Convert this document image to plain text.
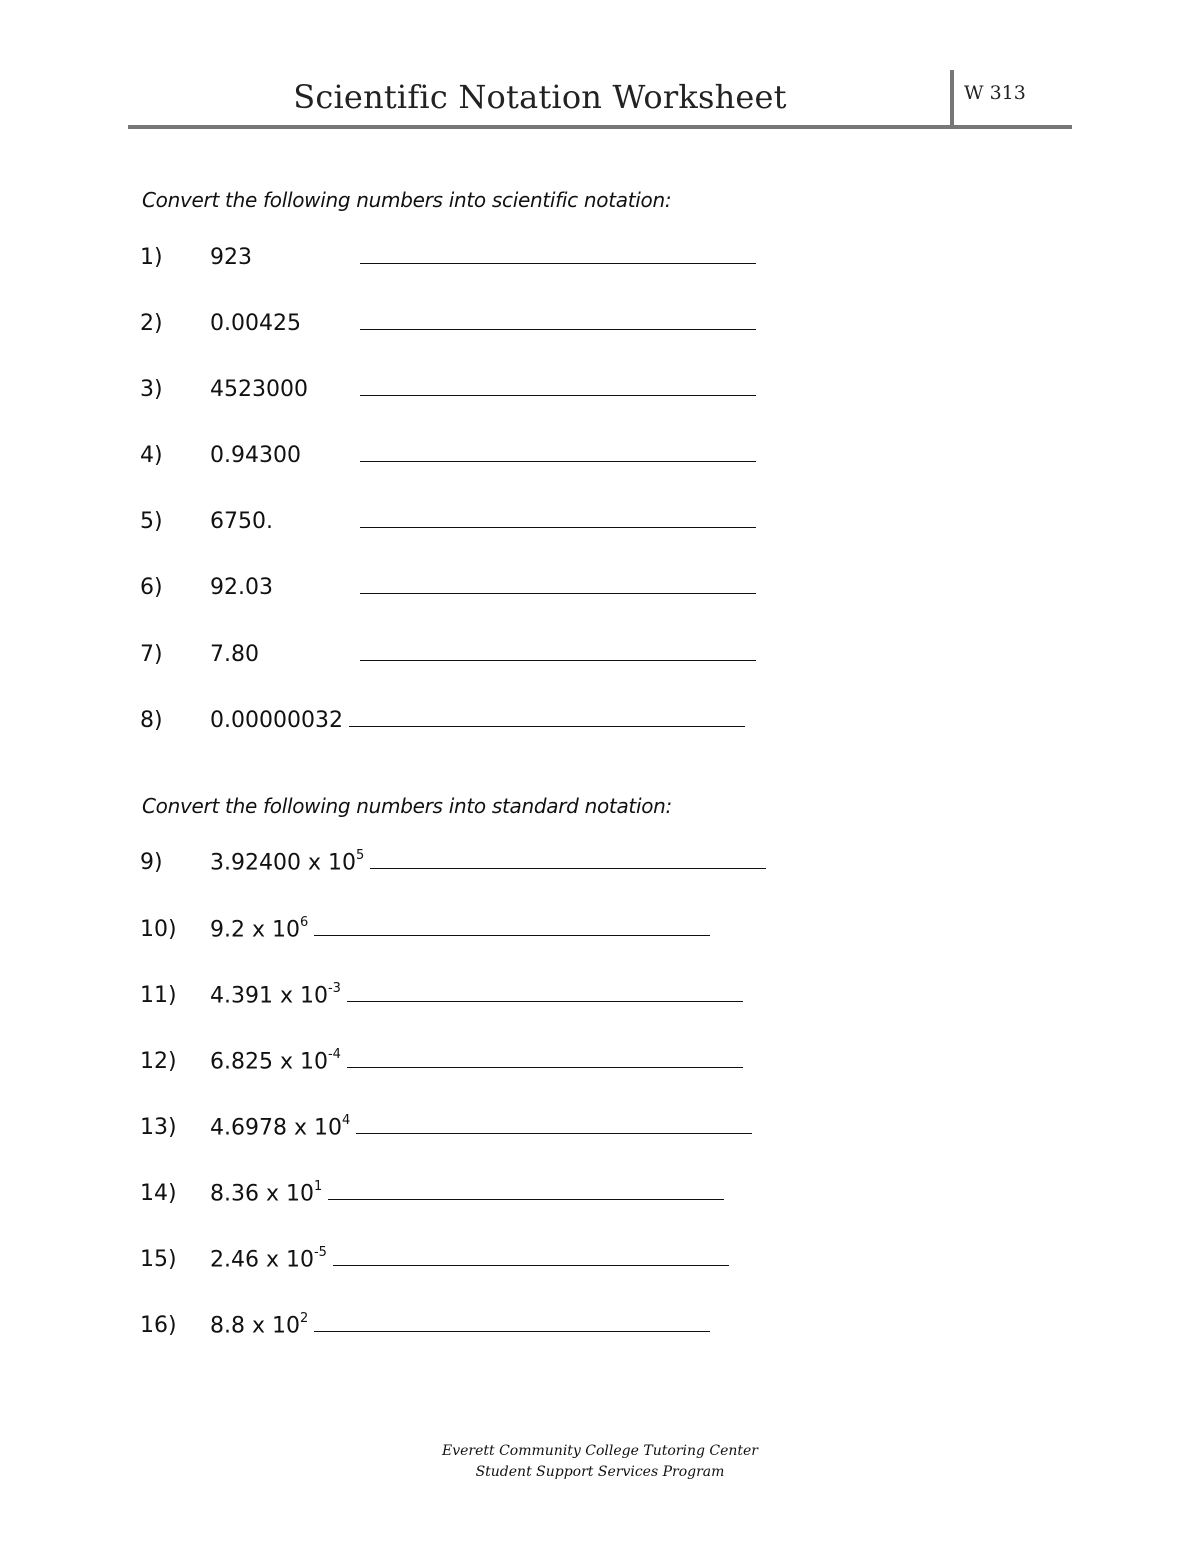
Scientific Notation Worksheet	W 313
Convert the following numbers into scientific notation:
1) 923
2) 0.00425
3) 4523000
4) 0.94300
5) 6750.
6) 92.03
7) 7.80
8) 0.00000032
Convert the following numbers into standard notation:
9) 3.92400 x $10^5$
10) 9.2 x $10^6$
11) 4.391 x $10^{-3}$
12) 6.825 x $10^{-4}$
13) 4.6978 x $10^4$
14) 8.36 x $10^1$
15) 2.46 x $10^{-5}$
16) 8.8 x $10^2$
Everett Community College Tutoring Center
Student Support Services Program
